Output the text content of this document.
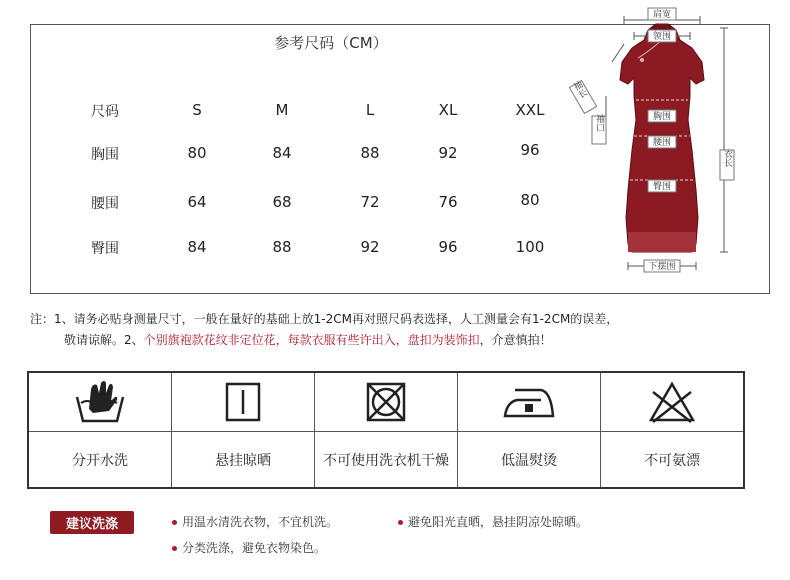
参考尺码（CM）
尺码	S	M	L	XL	XXL
胸围	80	84	88	92	96
腰围	64	68	72	76	80
臀围	84	88	92	96	100
肩宽
领围
胸围
腰围
臀围
衣长
下摆围
袖长
袖口
注：1、请务必贴身测量尺寸，一般在量好的基础上放1-2CM再对照尺码表选择，人工测量会有1-2CM的误差，
敬请谅解。2、个别旗袍款花纹非定位花，每款衣服有些许出入，盘扣为装饰扣，介意慎拍！
分开水洗	悬挂晾晒	不可使用洗衣机干燥	低温熨烫	不可氨漂
建议洗涤	用温水清洗衣物，不宜机洗。	避免阳光直晒，悬挂阴凉处晾晒。
分类洗涤，避免衣物染色。
